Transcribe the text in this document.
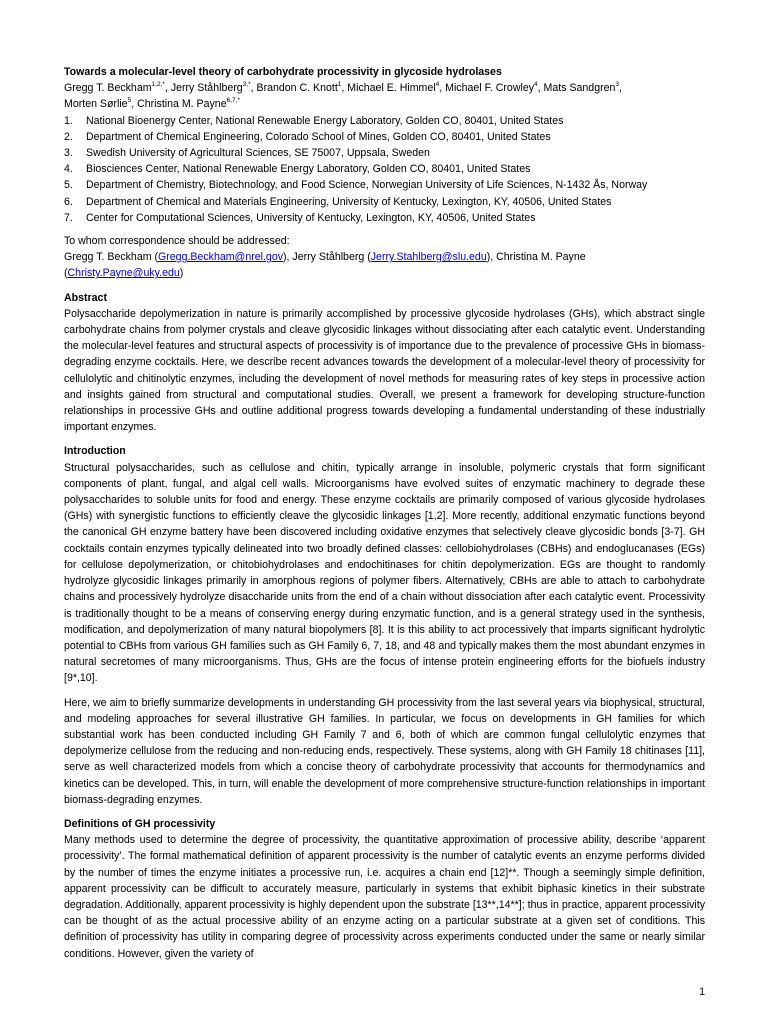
Towards a molecular-level theory of carbohydrate processivity in glycoside hydrolases

Gregg T. Beckham$^{1,2,*}$, Jerry Ståhlberg$^{3,*}$, Brandon C. Knott$^1$, Michael E. Himmel$^4$, Michael F. Crowley$^4$, Mats Sandgren$^3$,

Morten Sørlie$^5$, Christina M. Payne$^{6,7,*}$

1.	National Bioenergy Center, National Renewable Energy Laboratory, Golden CO, 80401, United States
2.	Department of Chemical Engineering, Colorado School of Mines, Golden CO, 80401, United States
3.	Swedish University of Agricultural Sciences, SE 75007, Uppsala, Sweden
4.	Biosciences Center, National Renewable Energy Laboratory, Golden CO, 80401, United States
5.	Department of Chemistry, Biotechnology, and Food Science, Norwegian University of Life Sciences, N-1432 Ås, Norway
6.	Department of Chemical and Materials Engineering, University of Kentucky, Lexington, KY, 40506, United States
7.	Center for Computational Sciences, University of Kentucky, Lexington, KY, 40506, United States

To whom correspondence should be addressed:

Gregg T. Beckham (Gregg.Beckham@nrel.gov), Jerry Ståhlberg (Jerry.Stahlberg@slu.edu), Christina M. Payne

(Christy.Payne@uky.edu)

Abstract

Polysaccharide depolymerization in nature is primarily accomplished by processive glycoside hydrolases (GHs), which abstract single carbohydrate chains from polymer crystals and cleave glycosidic linkages without dissociating after each catalytic event. Understanding the molecular-level features and structural aspects of processivity is of importance due to the prevalence of processive GHs in biomass-degrading enzyme cocktails. Here, we describe recent advances towards the development of a molecular-level theory of processivity for cellulolytic and chitinolytic enzymes, including the development of novel methods for measuring rates of key steps in processive action and insights gained from structural and computational studies. Overall, we present a framework for developing structure-function relationships in processive GHs and outline additional progress towards developing a fundamental understanding of these industrially important enzymes.

Introduction

Structural polysaccharides, such as cellulose and chitin, typically arrange in insoluble, polymeric crystals that form significant components of plant, fungal, and algal cell walls. Microorganisms have evolved suites of enzymatic machinery to degrade these polysaccharides to soluble units for food and energy. These enzyme cocktails are primarily composed of various glycoside hydrolases (GHs) with synergistic functions to efficiently cleave the glycosidic linkages [1,2]. More recently, additional enzymatic functions beyond the canonical GH enzyme battery have been discovered including oxidative enzymes that selectively cleave glycosidic bonds [3-7]. GH cocktails contain enzymes typically delineated into two broadly defined classes: cellobiohydrolases (CBHs) and endoglucanases (EGs) for cellulose depolymerization, or chitobiohydrolases and endochitinases for chitin depolymerization. EGs are thought to randomly hydrolyze glycosidic linkages primarily in amorphous regions of polymer fibers. Alternatively, CBHs are able to attach to carbohydrate chains and processively hydrolyze disaccharide units from the end of a chain without dissociation after each catalytic event. Processivity is traditionally thought to be a means of conserving energy during enzymatic function, and is a general strategy used in the synthesis, modification, and depolymerization of many natural biopolymers [8]. It is this ability to act processively that imparts significant hydrolytic potential to CBHs from various GH families such as GH Family 6, 7, 18, and 48 and typically makes them the most abundant enzymes in natural secretomes of many microorganisms. Thus, GHs are the focus of intense protein engineering efforts for the biofuels industry [9*,10].

Here, we aim to briefly summarize developments in understanding GH processivity from the last several years via biophysical, structural, and modeling approaches for several illustrative GH families. In particular, we focus on developments in GH families for which substantial work has been conducted including GH Family 7 and 6, both of which are common fungal cellulolytic enzymes that depolymerize cellulose from the reducing and non-reducing ends, respectively. These systems, along with GH Family 18 chitinases [11], serve as well characterized models from which a concise theory of carbohydrate processivity that accounts for thermodynamics and kinetics can be developed. This, in turn, will enable the development of more comprehensive structure-function relationships in important biomass-degrading enzymes.

Definitions of GH processivity

Many methods used to determine the degree of processivity, the quantitative approximation of processive ability, describe ‘apparent processivity’. The formal mathematical definition of apparent processivity is the number of catalytic events an enzyme performs divided by the number of times the enzyme initiates a processive run, i.e. acquires a chain end [12]**. Though a seemingly simple definition, apparent processivity can be difficult to accurately measure, particularly in systems that exhibit biphasic kinetics in their substrate degradation. Additionally, apparent processivity is highly dependent upon the substrate [13**,14**]; thus in practice, apparent processivity can be thought of as the actual processive ability of an enzyme acting on a particular substrate at a given set of conditions. This definition of processivity has utility in comparing degree of processivity across experiments conducted under the same or nearly similar conditions. However, given the variety of

1
